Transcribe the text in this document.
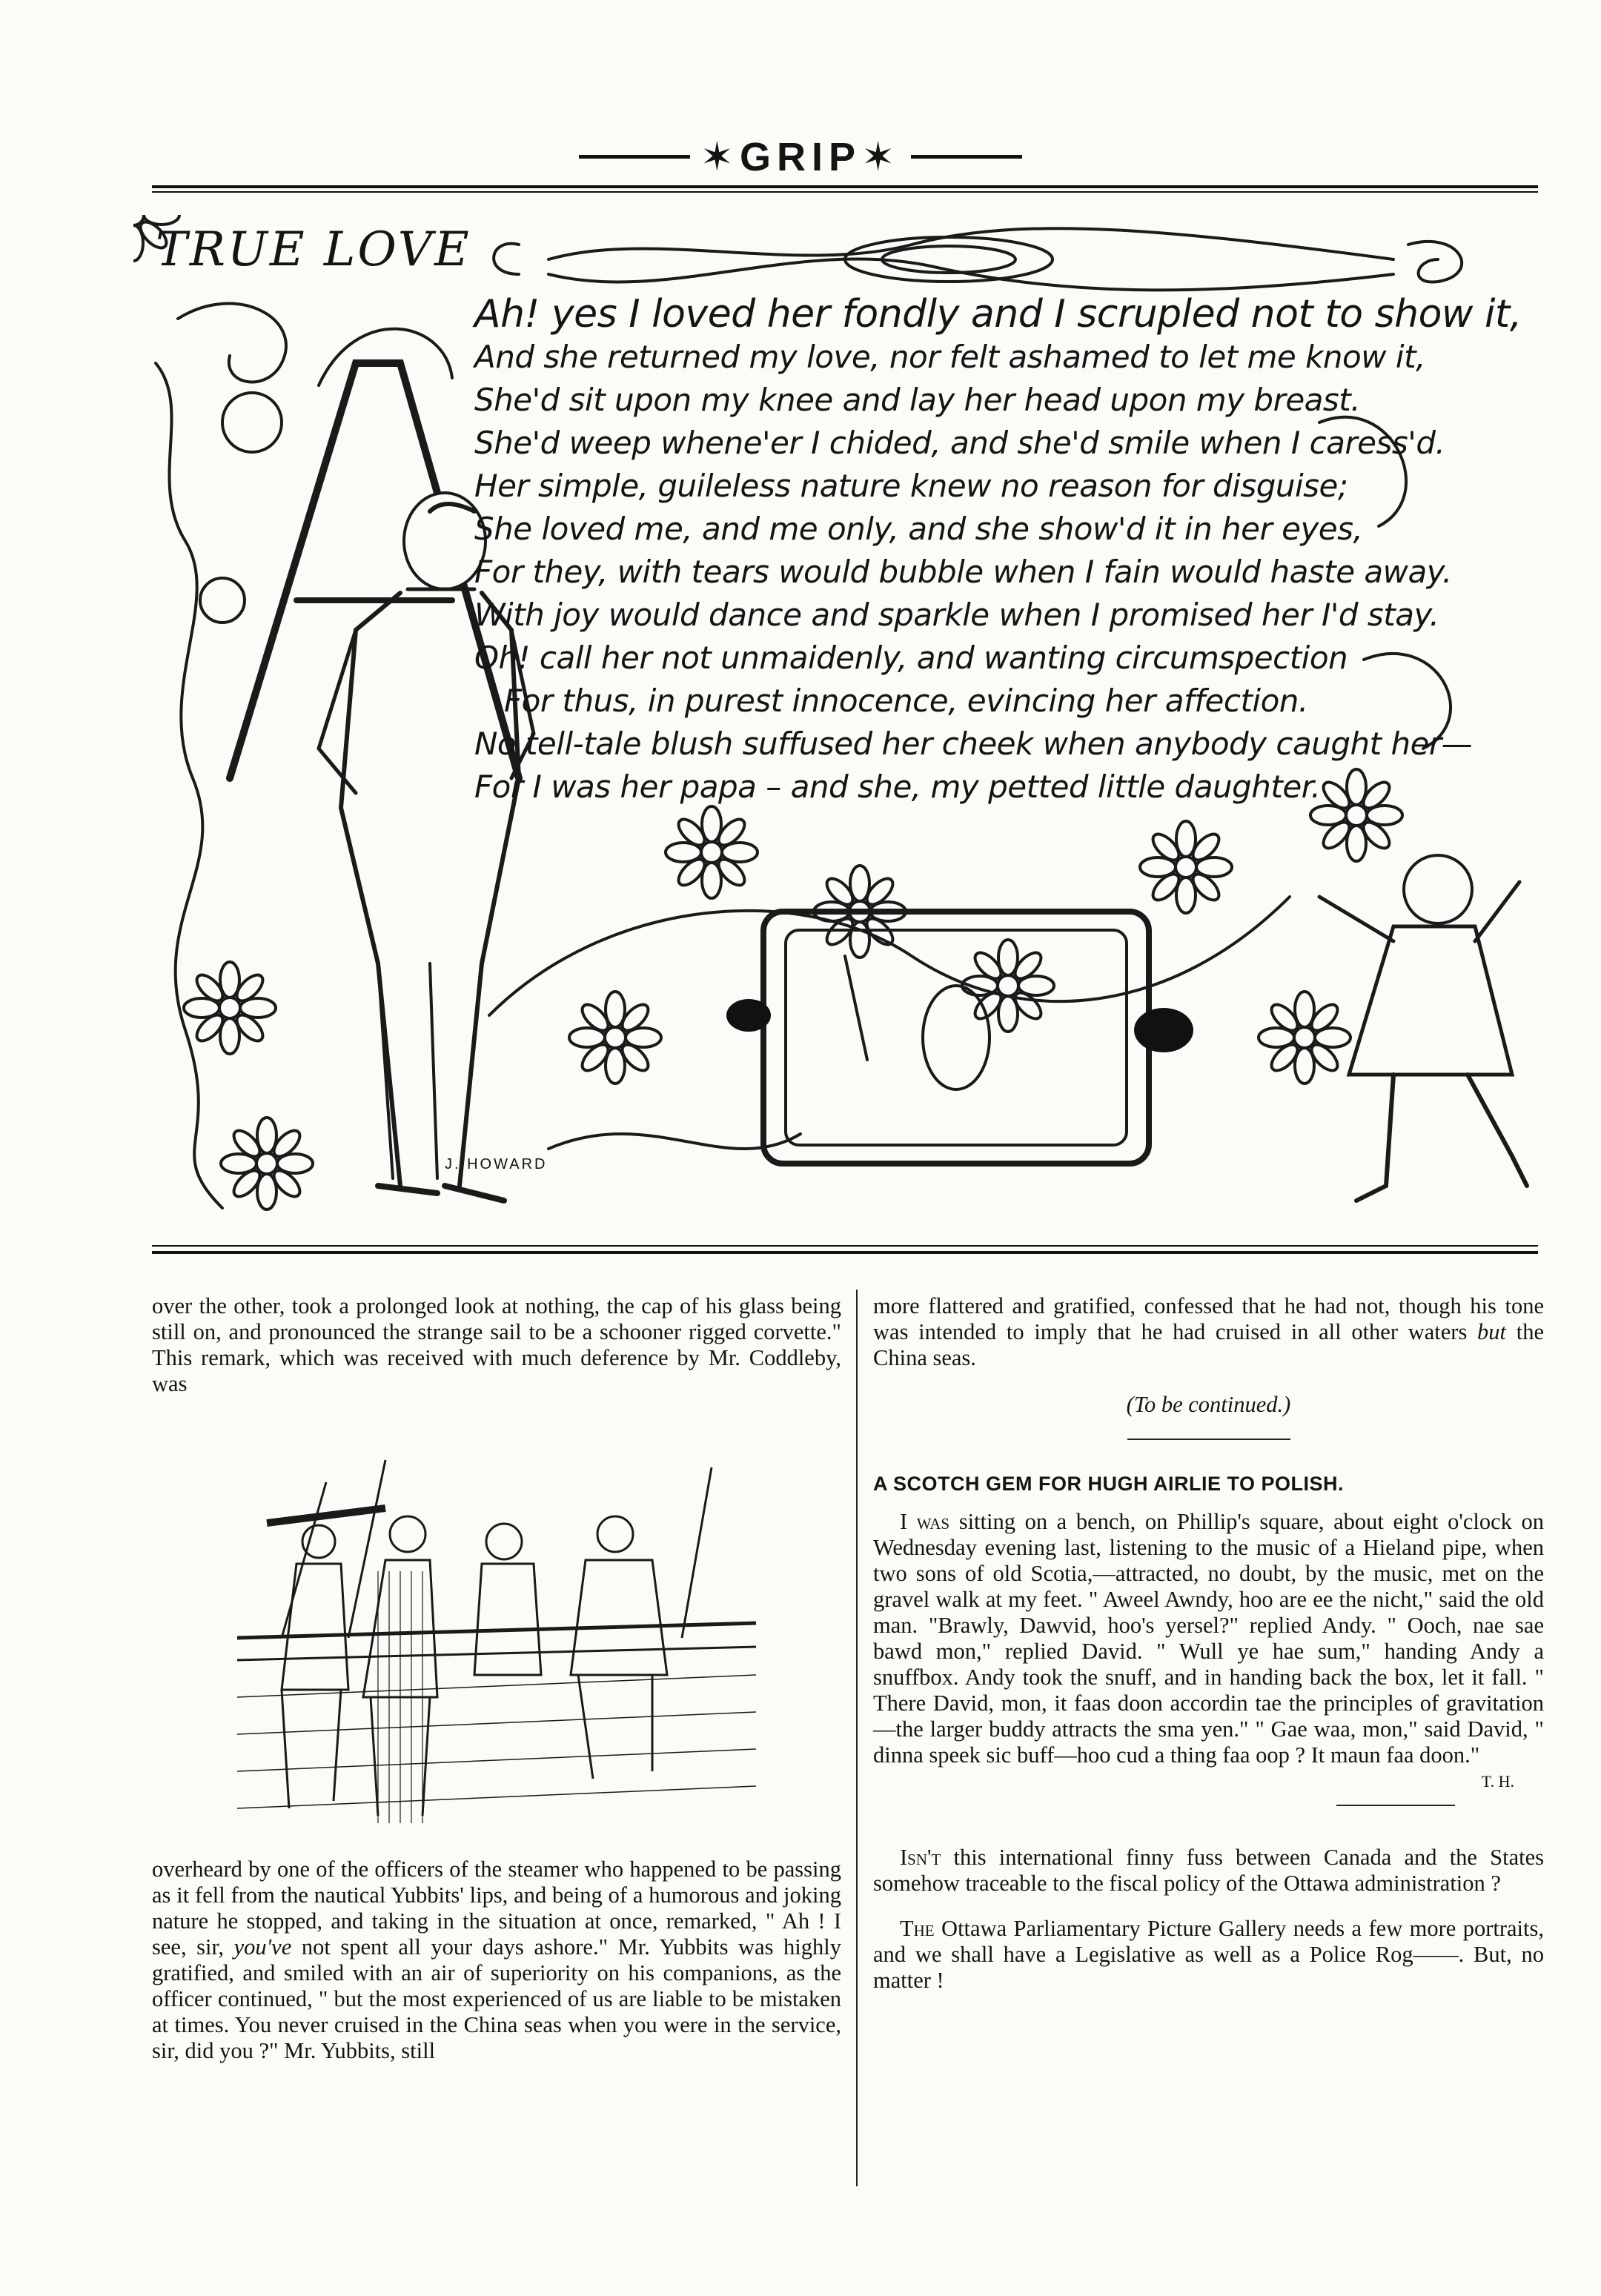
✶GRIP✶
TRUE LOVE
Ah! yes I loved her fondly and I scrupled not to show it,
And she returned my love, nor felt ashamed to let me know it,
She'd sit upon my knee and lay her head upon my breast.
She'd weep whene'er I chided, and she'd smile when I caress'd.
Her simple, guileless nature knew no reason for disguise;
She loved me, and me only, and she show'd it in her eyes,
For they, with tears would bubble when I fain would haste away.
With joy would dance and sparkle when I promised her I'd stay.
Oh! call her not unmaidenly, and wanting circumspection
For thus, in purest innocence, evincing her affection.
No tell-tale blush suffused her cheek when anybody caught her—
For I was her papa – and she, my petted little daughter.
J. HOWARD

over the other, took a prolonged look at nothing, the cap of his glass being still on, and pronounced the strange sail to be a schooner rigged corvette." This remark, which was received with much deference by Mr. Coddleby, was

overheard by one of the officers of the steamer who happened to be passing as it fell from the nautical Yubbits' lips, and being of a humorous and joking nature he stopped, and taking in the situation at once, remarked, " Ah ! I see, sir, you've not spent all your days ashore." Mr. Yubbits was highly gratified, and smiled with an air of superiority on his companions, as the officer continued, " but the most experienced of us are liable to be mistaken at times. You never cruised in the China seas when you were in the service, sir, did you ?" Mr. Yubbits, still

more flattered and gratified, confessed that he had not, though his tone was intended to imply that he had cruised in all other waters but the China seas.

(To be continued.)

A SCOTCH GEM FOR HUGH AIRLIE TO POLISH.

I was sitting on a bench, on Phillip's square, about eight o'clock on Wednesday evening last, listening to the music of a Hieland pipe, when two sons of old Scotia,—attracted, no doubt, by the music, met on the gravel walk at my feet. " Aweel Awndy, hoo are ee the nicht," said the old man. "Brawly, Dawvid, hoo's yersel?" replied Andy. " Ooch, nae sae bawd mon," replied David. " Wull ye hae sum," handing Andy a snuffbox. Andy took the snuff, and in handing back the box, let it fall. " There David, mon, it faas doon accordin tae the principles of gravitation—the larger buddy attracts the sma yen." " Gae waa, mon," said David, " dinna speek sic buff—hoo cud a thing faa oop ? It maun faa doon."

T. H.

Isn't this international finny fuss between Canada and the States somehow traceable to the fiscal policy of the Ottawa administration ?

The Ottawa Parliamentary Picture Gallery needs a few more portraits, and we shall have a Legislative as well as a Police Rog——. But, no matter !
